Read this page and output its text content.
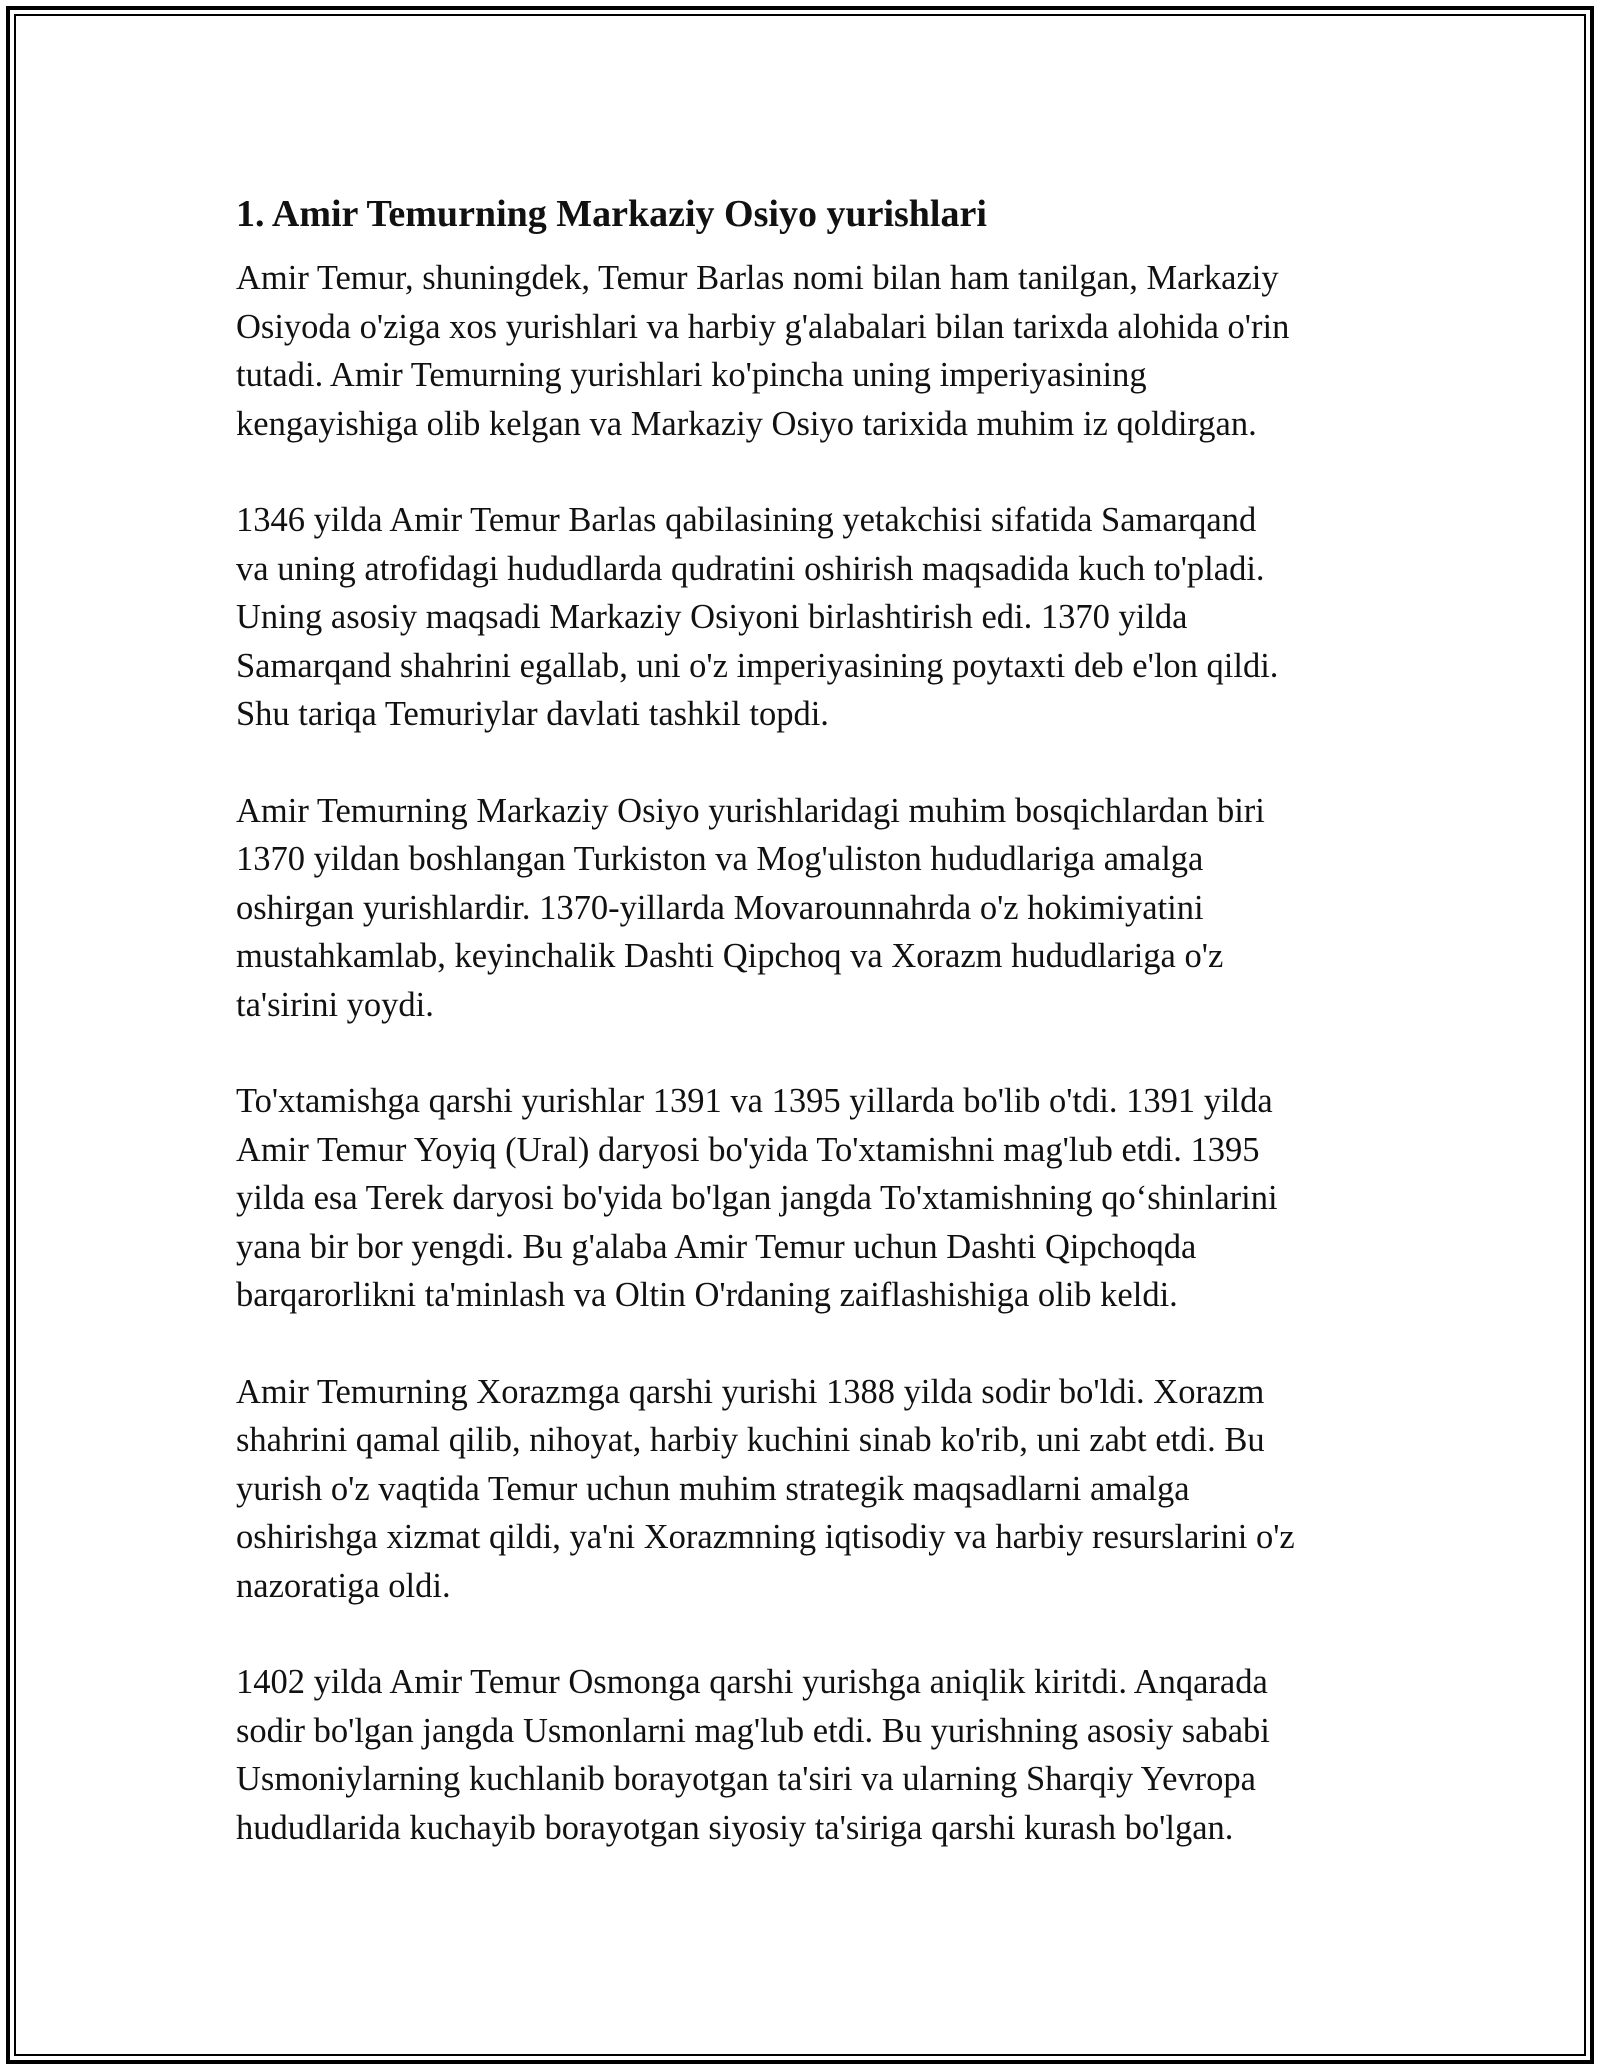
1. Amir Temurning Markaziy Osiyo yurishlari

Amir Temur, shuningdek, Temur Barlas nomi bilan ham tanilgan, Markaziy
Osiyoda o'ziga xos yurishlari va harbiy g'alabalari bilan tarixda alohida o'rin
tutadi. Amir Temurning yurishlari ko'pincha uning imperiyasining
kengayishiga olib kelgan va Markaziy Osiyo tarixida muhim iz qoldirgan.

1346 yilda Amir Temur Barlas qabilasining yetakchisi sifatida Samarqand
va uning atrofidagi hududlarda qudratini oshirish maqsadida kuch to'pladi.
Uning asosiy maqsadi Markaziy Osiyoni birlashtirish edi. 1370 yilda
Samarqand shahrini egallab, uni o'z imperiyasining poytaxti deb e'lon qildi.
Shu tariqa Temuriylar davlati tashkil topdi.

Amir Temurning Markaziy Osiyo yurishlaridagi muhim bosqichlardan biri
1370 yildan boshlangan Turkiston va Mog'uliston hududlariga amalga
oshirgan yurishlardir. 1370-yillarda Movarounnahrda o'z hokimiyatini
mustahkamlab, keyinchalik Dashti Qipchoq va Xorazm hududlariga o'z
ta'sirini yoydi.

To'xtamishga qarshi yurishlar 1391 va 1395 yillarda bo'lib o'tdi. 1391 yilda
Amir Temur Yoyiq (Ural) daryosi bo'yida To'xtamishni mag'lub etdi. 1395
yilda esa Terek daryosi bo'yida bo'lgan jangda To'xtamishning qo‘shinlarini
yana bir bor yengdi. Bu g'alaba Amir Temur uchun Dashti Qipchoqda
barqarorlikni ta'minlash va Oltin O'rdaning zaiflashishiga olib keldi.

Amir Temurning Xorazmga qarshi yurishi 1388 yilda sodir bo'ldi. Xorazm
shahrini qamal qilib, nihoyat, harbiy kuchini sinab ko'rib, uni zabt etdi. Bu
yurish o'z vaqtida Temur uchun muhim strategik maqsadlarni amalga
oshirishga xizmat qildi, ya'ni Xorazmning iqtisodiy va harbiy resurslarini o'z
nazoratiga oldi.

1402 yilda Amir Temur Osmonga qarshi yurishga aniqlik kiritdi. Anqarada
sodir bo'lgan jangda Usmonlarni mag'lub etdi. Bu yurishning asosiy sababi
Usmoniylarning kuchlanib borayotgan ta'siri va ularning Sharqiy Yevropa
hududlarida kuchayib borayotgan siyosiy ta'siriga qarshi kurash bo'lgan.
